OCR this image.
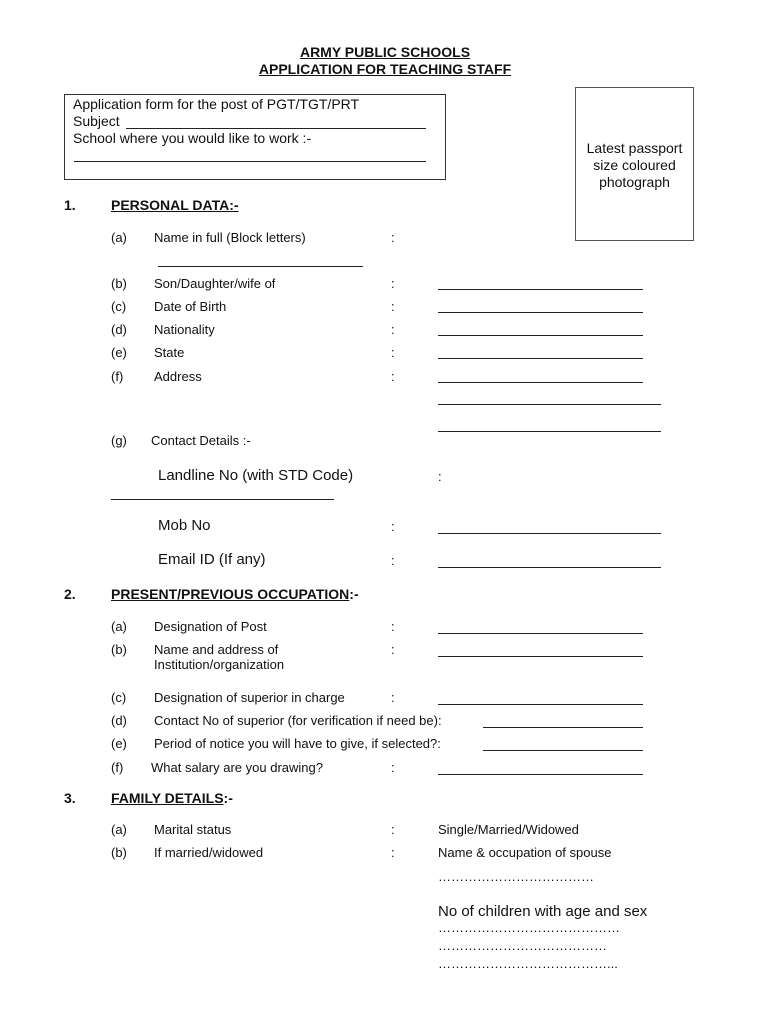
ARMY PUBLIC SCHOOLS
APPLICATION FOR TEACHING STAFF
Application form for the post of PGT/TGT/PRT
Subject
School where you would like to work :-
Latest passport size coloured photograph
1.	PERSONAL DATA:-
(a) Name in full (Block letters)	:
(b) Son/Daughter/wife of	:
(c) Date of Birth	:
(d) Nationality	:
(e) State	:
(f) Address	:
(g) Contact Details :-
Landline No (with STD Code)	:
Mob No	:
Email ID (If any)	:
2.	PRESENT/PREVIOUS OCCUPATION:-
(a) Designation of Post	:
(b) Name and address of
Institution/organization
:
(c) Designation of superior in charge	:
(d) Contact No of superior (for verification if need be):
(e) Period of notice you will have to give, if selected?:
(f) What salary are you drawing?	:
3.	FAMILY DETAILS:-
(a) Marital status	:	Single/Married/Widowed
(b) If married/widowed	:	Name & occupation of spouse
………………………………
No of children with age and sex
……………………………………
…………………………………
…………………………………...
